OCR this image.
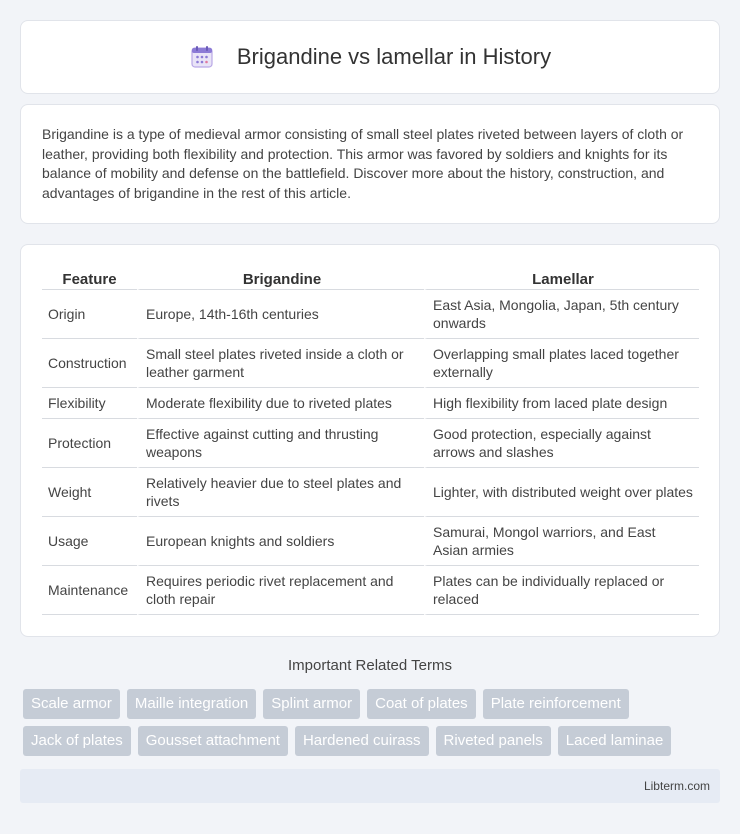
Brigandine vs lamellar in History

Brigandine is a type of medieval armor consisting of small steel plates riveted between layers of cloth or leather, providing both flexibility and protection. This armor was favored by soldiers and knights for its balance of mobility and defense on the battlefield. Discover more about the history, construction, and advantages of brigandine in the rest of this article.

Feature	Brigandine	Lamellar
Origin	Europe, 14th-16th centuries	East Asia, Mongolia, Japan, 5th century onwards
Construction	Small steel plates riveted inside a cloth or leather garment	Overlapping small plates laced together externally
Flexibility	Moderate flexibility due to riveted plates	High flexibility from laced plate design
Protection	Effective against cutting and thrusting weapons	Good protection, especially against arrows and slashes
Weight	Relatively heavier due to steel plates and rivets	Lighter, with distributed weight over plates
Usage	European knights and soldiers	Samurai, Mongol warriors, and East Asian armies
Maintenance	Requires periodic rivet replacement and cloth repair	Plates can be individually replaced or relaced
Important Related Terms
Scale armor	Maille integration	Splint armor	Coat of plates	Plate reinforcement
Jack of plates	Gousset attachment	Hardened cuirass	Riveted panels	Laced laminae
Libterm.com
